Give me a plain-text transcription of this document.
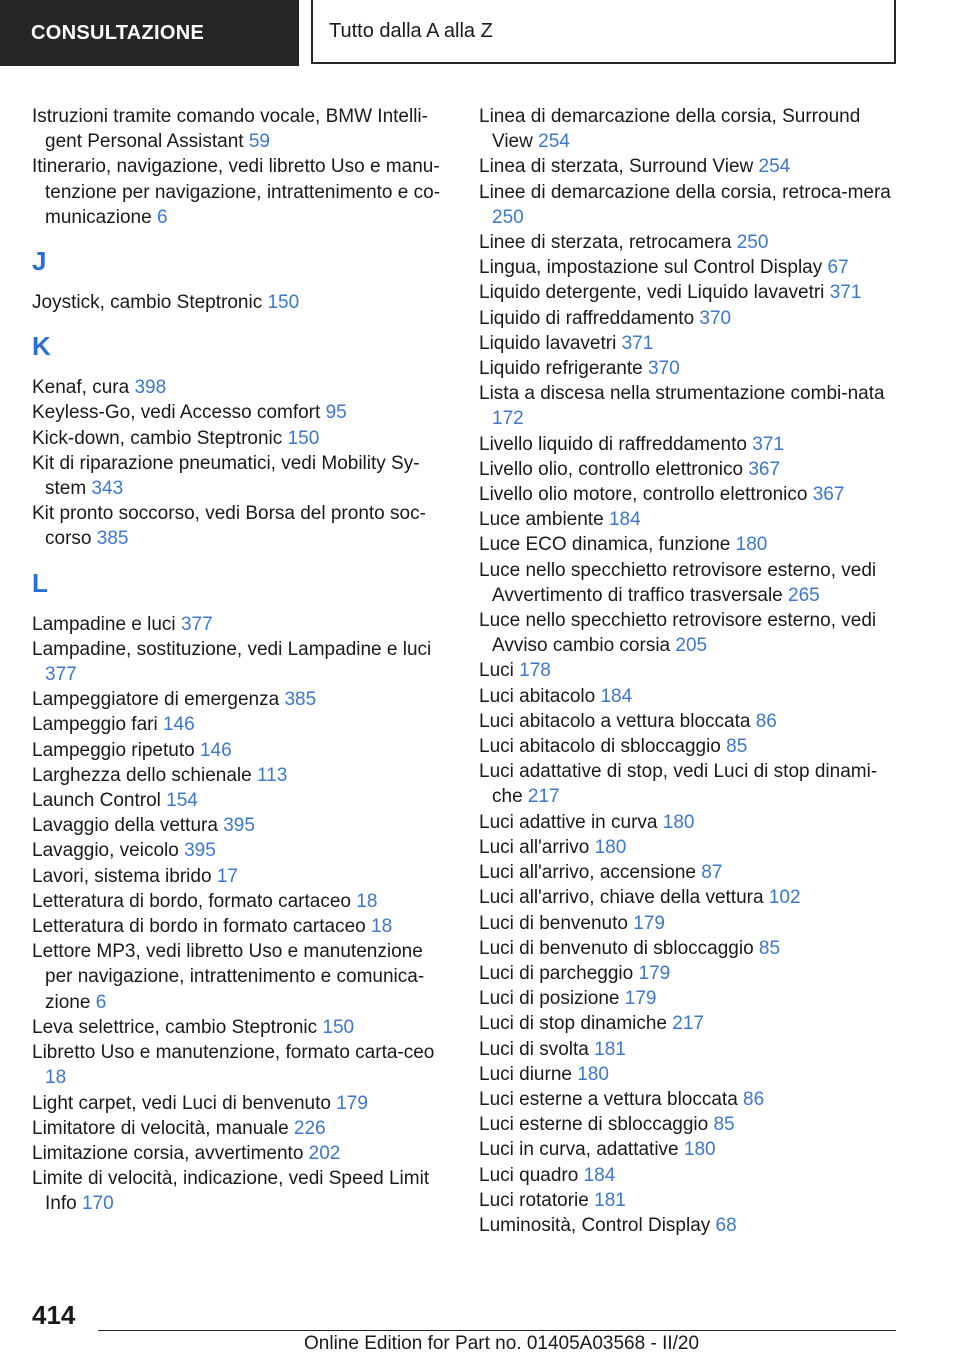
CONSULTAZIONE	Tutto dalla A alla Z

Istruzioni tramite comando vocale, BMW Intelli-gent Personal Assistant 59

Itinerario, navigazione, vedi libretto Uso e manu-tenzione per navigazione, intrattenimento e co-municazione 6

J

Joystick, cambio Steptronic 150

K

Kenaf, cura 398

Keyless-Go, vedi Accesso comfort 95

Kick-down, cambio Steptronic 150

Kit di riparazione pneumatici, vedi Mobility Sy-stem 343

Kit pronto soccorso, vedi Borsa del pronto soc-corso 385

L

Lampadine e luci 377

Lampadine, sostituzione, vedi Lampadine e luci 377

Lampeggiatore di emergenza 385

Lampeggio fari 146

Lampeggio ripetuto 146

Larghezza dello schienale 113

Launch Control 154

Lavaggio della vettura 395

Lavaggio, veicolo 395

Lavori, sistema ibrido 17

Letteratura di bordo, formato cartaceo 18

Letteratura di bordo in formato cartaceo 18

Lettore MP3, vedi libretto Uso e manutenzione per navigazione, intrattenimento e comunica-zione 6

Leva selettrice, cambio Steptronic 150

Libretto Uso e manutenzione, formato carta-ceo 18

Light carpet, vedi Luci di benvenuto 179

Limitatore di velocità, manuale 226

Limitazione corsia, avvertimento 202

Limite di velocità, indicazione, vedi Speed Limit Info 170

Linea di demarcazione della corsia, Surround View 254

Linea di sterzata, Surround View 254

Linee di demarcazione della corsia, retroca-mera 250

Linee di sterzata, retrocamera 250

Lingua, impostazione sul Control Display 67

Liquido detergente, vedi Liquido lavavetri 371

Liquido di raffreddamento 370

Liquido lavavetri 371

Liquido refrigerante 370

Lista a discesa nella strumentazione combi-nata 172

Livello liquido di raffreddamento 371

Livello olio, controllo elettronico 367

Livello olio motore, controllo elettronico 367

Luce ambiente 184

Luce ECO dinamica, funzione 180

Luce nello specchietto retrovisore esterno, vedi Avvertimento di traffico trasversale 265

Luce nello specchietto retrovisore esterno, vedi Avviso cambio corsia 205

Luci 178

Luci abitacolo 184

Luci abitacolo a vettura bloccata 86

Luci abitacolo di sbloccaggio 85

Luci adattative di stop, vedi Luci di stop dinami-che 217

Luci adattive in curva 180

Luci all'arrivo 180

Luci all'arrivo, accensione 87

Luci all'arrivo, chiave della vettura 102

Luci di benvenuto 179

Luci di benvenuto di sbloccaggio 85

Luci di parcheggio 179

Luci di posizione 179

Luci di stop dinamiche 217

Luci di svolta 181

Luci diurne 180

Luci esterne a vettura bloccata 86

Luci esterne di sbloccaggio 85

Luci in curva, adattative 180

Luci quadro 184

Luci rotatorie 181

Luminosità, Control Display 68

414
Online Edition for Part no. 01405A03568 - II/20
